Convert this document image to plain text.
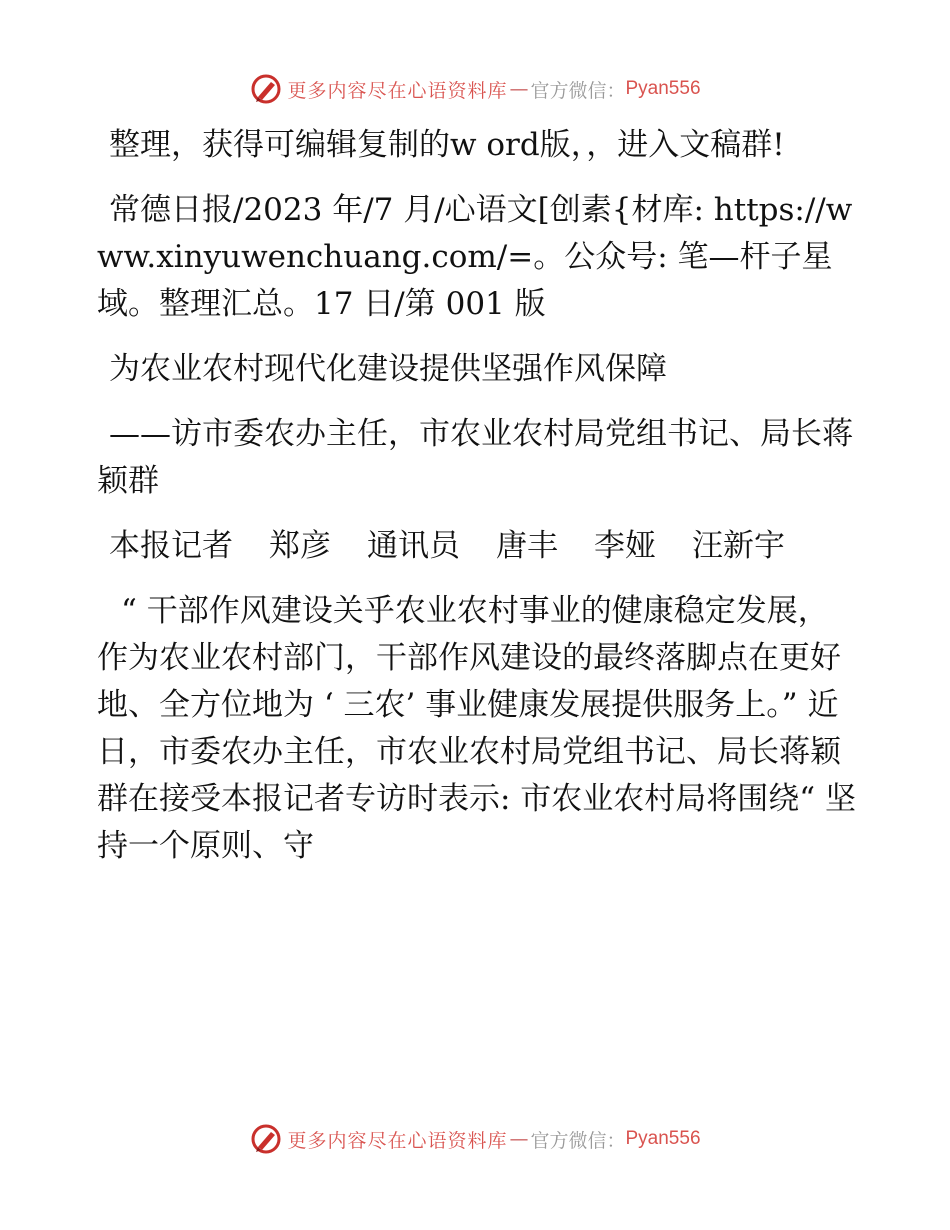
更多内容尽在心语资料库 — 官方微信： Pyan556

整理，获得可编辑复制的w ord版，，进入文稿群!

常德日报/2023 年/7 月/心语文[创素{材库: https://www.xinyuwenchuang.com/=。公众号: 笔—杆子星域。整理汇总。17 日/第 001 版

为农业农村现代化建设提供坚强作风保障

——访市委农办主任，市农业农村局党组书记、局长蒋颖群

本报记者 郑彦 通讯员 唐丰 李娅 汪新宇

“ 干部作风建设关乎农业农村事业的健康稳定发展，作为农业农村部门，干部作风建设的最终落脚点在更好地、全方位地为 ‘ 三农’ 事业健康发展提供服务上。” 近日，市委农办主任，市农业农村局党组书记、局长蒋颖群在接受本报记者专访时表示: 市农业农村局将围绕“ 坚持一个原则、守

更多内容尽在心语资料库 — 官方微信： Pyan556
